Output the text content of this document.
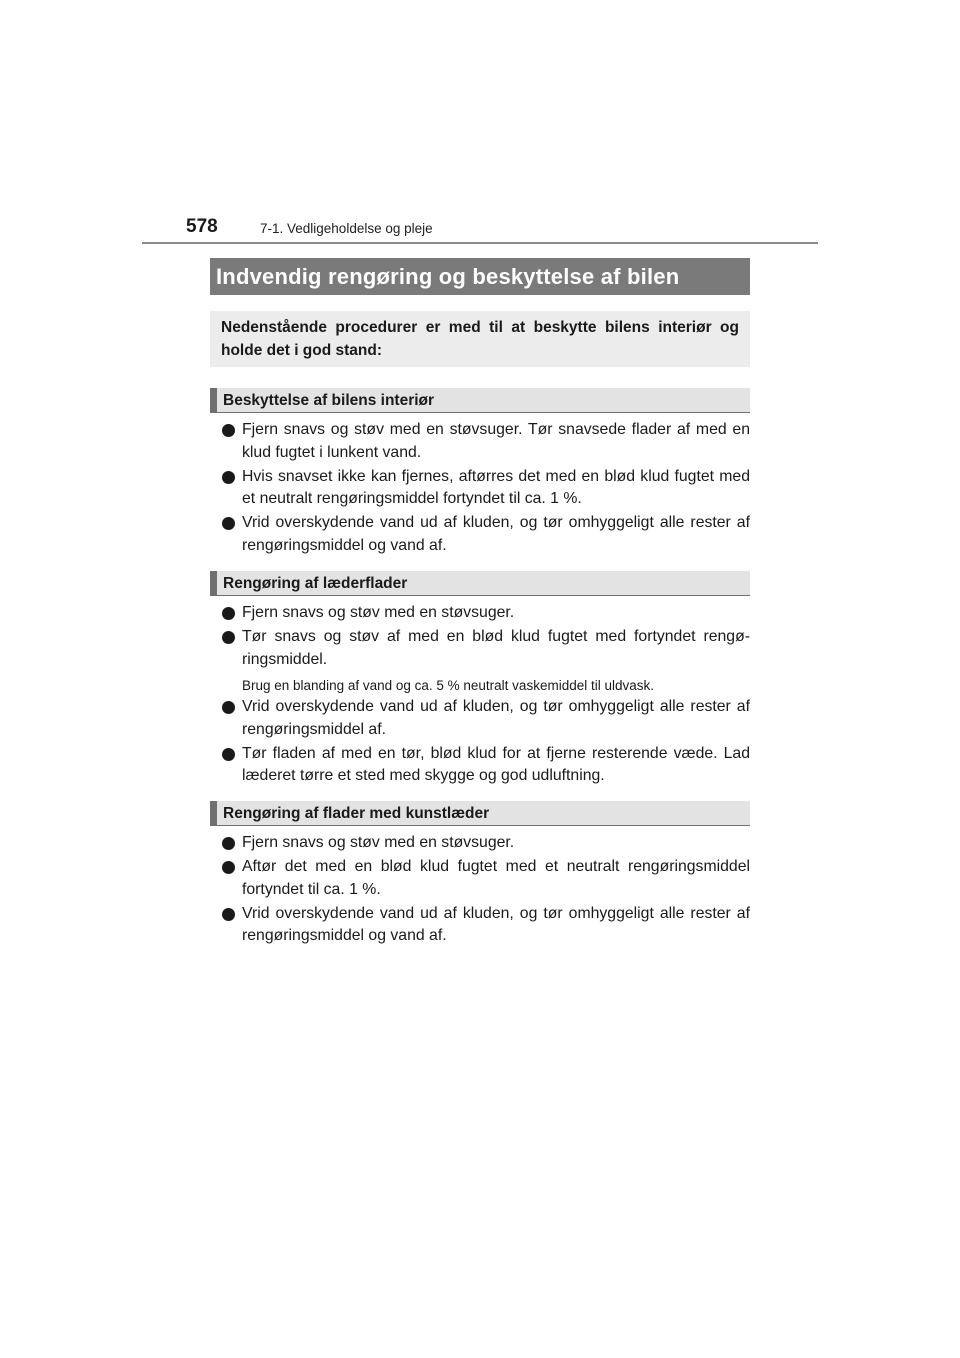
578	7-1. Vedligeholdelse og pleje
Indvendig rengøring og beskyttelse af bilen
Nedenstående procedurer er med til at beskytte bilens interiør og holde det i god stand:
Beskyttelse af bilens interiør
Fjern snavs og støv med en støvsuger. Tør snavsede flader af med en klud fugtet i lunkent vand.
Hvis snavset ikke kan fjernes, aftørres det med en blød klud fugtet med et neutralt rengøringsmiddel fortyndet til ca. 1 %.
Vrid overskydende vand ud af kluden, og tør omhyggeligt alle rester af rengøringsmiddel og vand af.
Rengøring af læderflader
Fjern snavs og støv med en støvsuger.
Tør snavs og støv af med en blød klud fugtet med fortyndet rengø-ringsmiddel.
Brug en blanding af vand og ca. 5 % neutralt vaskemiddel til uldvask.
Vrid overskydende vand ud af kluden, og tør omhyggeligt alle rester af rengøringsmiddel af.
Tør fladen af med en tør, blød klud for at fjerne resterende væde. Lad læderet tørre et sted med skygge og god udluftning.
Rengøring af flader med kunstlæder
Fjern snavs og støv med en støvsuger.
Aftør det med en blød klud fugtet med et neutralt rengøringsmiddel fortyndet til ca. 1 %.
Vrid overskydende vand ud af kluden, og tør omhyggeligt alle rester af rengøringsmiddel og vand af.
